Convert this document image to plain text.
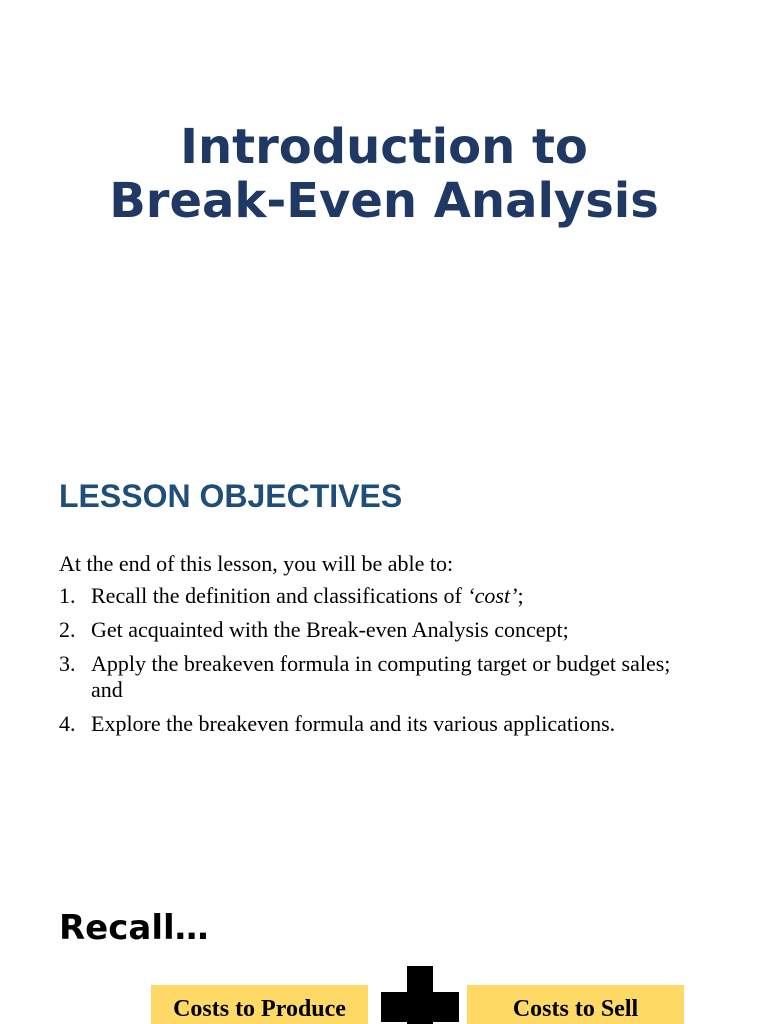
Introduction to
Break-Even Analysis
LESSON OBJECTIVES

At the end of this lesson, you will be able to:

1. Recall the definition and classifications of ‘cost’;
2. Get acquainted with the Break-even Analysis concept;
3. Apply the breakeven formula in computing target or budget sales; and
4. Explore the breakeven formula and its various applications.
Recall…
Costs to Produce	Costs to Sell
